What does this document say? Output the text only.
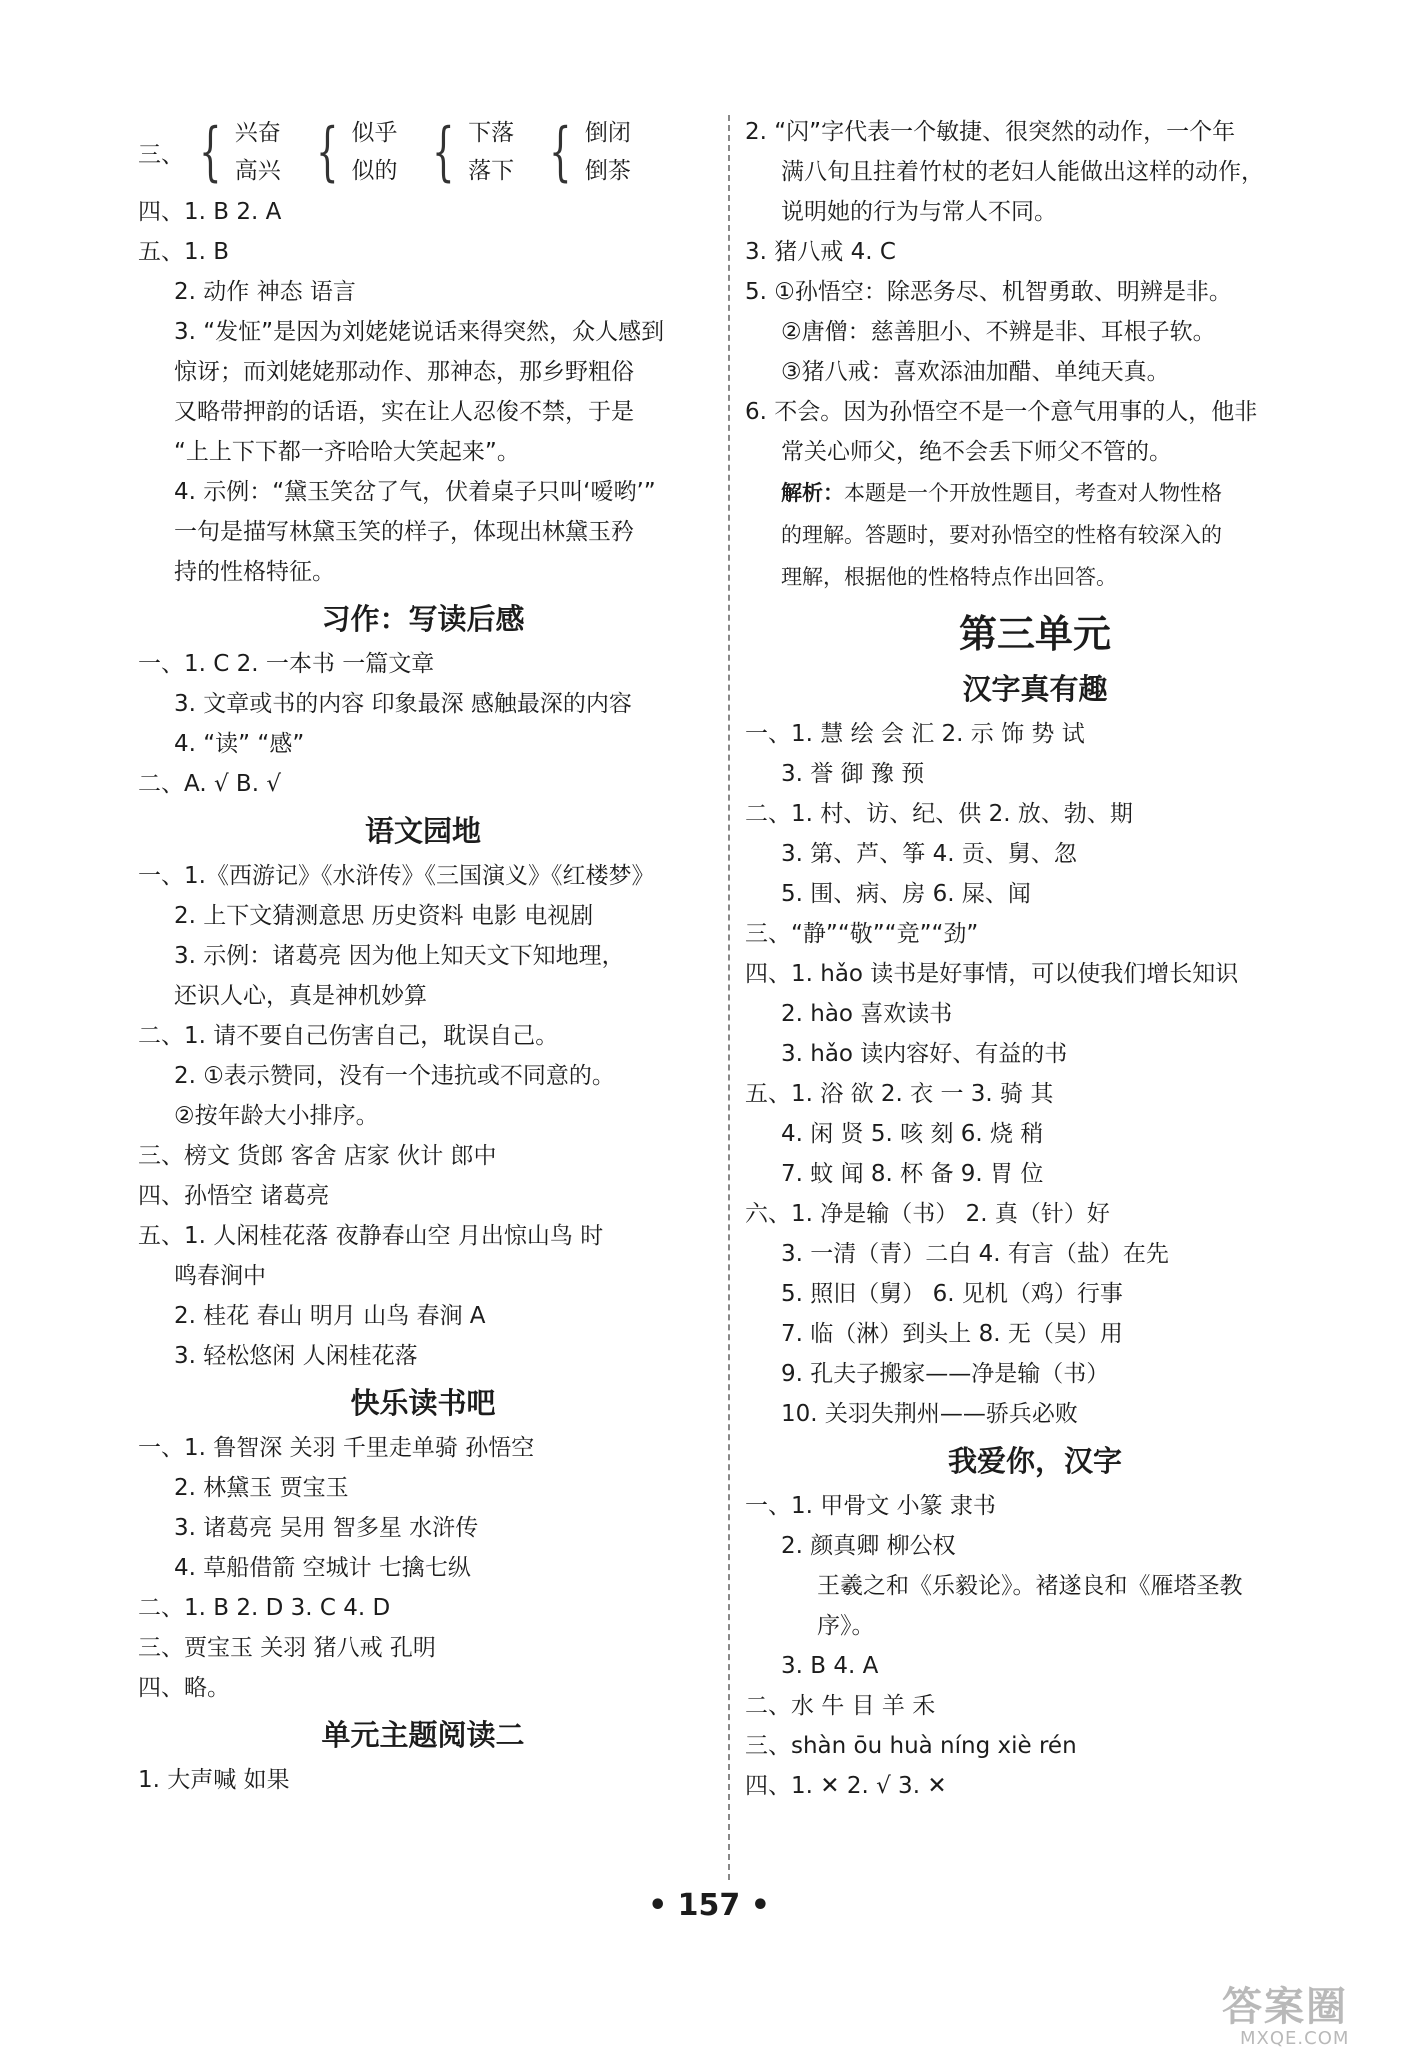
三、 { 兴奋
高兴 { 似乎
似的 { 下落
落下 { 倒闭
倒茶
四、1. B 2. A
五、1. B
2. 动作 神态 语言
3. “发怔”是因为刘姥姥说话来得突然，众人感到
惊讶；而刘姥姥那动作、那神态，那乡野粗俗
又略带押韵的话语，实在让人忍俊不禁，于是
“上上下下都一齐哈哈大笑起来”。
4. 示例：“黛玉笑岔了气，伏着桌子只叫‘嗳哟’”
一句是描写林黛玉笑的样子，体现出林黛玉矜
持的性格特征。
习作：写读后感
一、1. C 2. 一本书 一篇文章
3. 文章或书的内容 印象最深 感触最深的内容
4. “读” “感”
二、A. √ B. √
语文园地
一、1.《西游记》《水浒传》《三国演义》《红楼梦》
2. 上下文猜测意思 历史资料 电影 电视剧
3. 示例：诸葛亮 因为他上知天文下知地理，
还识人心，真是神机妙算
二、1. 请不要自己伤害自己，耽误自己。
2. ①表示赞同，没有一个违抗或不同意的。
②按年龄大小排序。
三、榜文 货郎 客舍 店家 伙计 郎中
四、孙悟空 诸葛亮
五、1. 人闲桂花落 夜静春山空 月出惊山鸟 时
鸣春涧中
2. 桂花 春山 明月 山鸟 春涧 A
3. 轻松悠闲 人闲桂花落
快乐读书吧
一、1. 鲁智深 关羽 千里走单骑 孙悟空
2. 林黛玉 贾宝玉
3. 诸葛亮 吴用 智多星 水浒传
4. 草船借箭 空城计 七擒七纵
二、1. B 2. D 3. C 4. D
三、贾宝玉 关羽 猪八戒 孔明
四、略。
单元主题阅读二
1. 大声喊 如果
2. “闪”字代表一个敏捷、很突然的动作，一个年
满八旬且拄着竹杖的老妇人能做出这样的动作，
说明她的行为与常人不同。
3. 猪八戒 4. C
5. ①孙悟空：除恶务尽、机智勇敢、明辨是非。
②唐僧：慈善胆小、不辨是非、耳根子软。
③猪八戒：喜欢添油加醋、单纯天真。
6. 不会。因为孙悟空不是一个意气用事的人，他非
常关心师父，绝不会丢下师父不管的。
解析：本题是一个开放性题目，考查对人物性格
的理解。答题时，要对孙悟空的性格有较深入的
理解，根据他的性格特点作出回答。
第三单元
汉字真有趣
一、1. 慧 绘 会 汇 2. 示 饰 势 试
3. 誉 御 豫 预
二、1. 村、访、纪、供 2. 放、勃、期
3. 第、芦、筝 4. 贡、舅、忽
5. 围、病、房 6. 屎、闻
三、“静”“敬”“竞”“劲”
四、1. hǎo 读书是好事情，可以使我们增长知识
2. hào 喜欢读书
3. hǎo 读内容好、有益的书
五、1. 浴 欲 2. 衣 一 3. 骑 其
4. 闲 贤 5. 咳 刻 6. 烧 稍
7. 蚊 闻 8. 杯 备 9. 胃 位
六、1. 净是输（书） 2. 真（针）好
3. 一清（青）二白 4. 有言（盐）在先
5. 照旧（舅） 6. 见机（鸡）行事
7. 临（淋）到头上 8. 无（吴）用
9. 孔夫子搬家——净是输（书）
10. 关羽失荆州——骄兵必败
我爱你，汉字
一、1. 甲骨文 小篆 隶书
2. 颜真卿 柳公权
王羲之和《乐毅论》。褚遂良和《雁塔圣教
序》。
3. B 4. A
二、水 牛 目 羊 禾
三、shàn ōu huà níng xiè rén
四、1. ✕ 2. √ 3. ✕
• 157 •
答案圈
MXQE.COM
